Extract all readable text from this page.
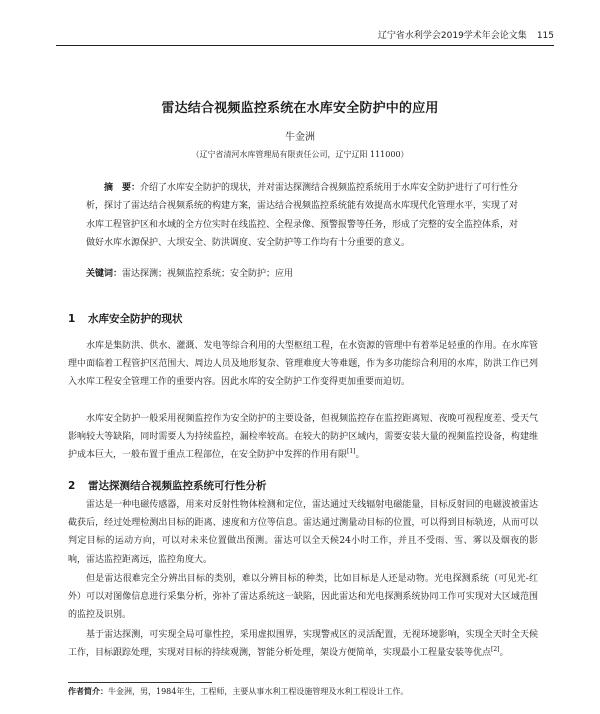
辽宁省水利学会2019学术年会论文集 115
雷达结合视频监控系统在水库安全防护中的应用
牛金洲
（辽宁省清河水库管理局有限责任公司，辽宁辽阳 111000）

摘　要：介绍了水库安全防护的现状，并对雷达探测结合视频监控系统用于水库安全防护进行了可行性分析，探讨了雷达结合视频系统的构建方案，雷达结合视频监控系统能有效提高水库现代化管理水平，实现了对水库工程管护区和水域的全方位实时在线监控、全程录像、预警报警等任务，形成了完整的安全监控体系，对做好水库水源保护、大坝安全、防洪调度、安全防护等工作均有十分重要的意义。

关键词：雷达探测；视频监控系统；安全防护；应用

1 水库安全防护的现状

水库是集防洪、供水、灌溉、发电等综合利用的大型枢纽工程，在水资源的管理中有着举足轻重的作用。在水库管理中面临着工程管护区范围大、周边人员及地形复杂、管理难度大等难题，作为多功能综合利用的水库，防洪工作已列入水库工程安全管理工作的重要内容。因此水库的安全防护工作变得更加重要而迫切。

水库安全防护一般采用视频监控作为安全防护的主要设备，但视频监控存在监控距离短、夜晚可视程度差、受天气影响较大等缺陷，同时需要人为持续监控，漏检率较高。在较大的防护区域内，需要安装大量的视频监控设备，构建维护成本巨大，一般布置于重点工程部位，在安全防护中发挥的作用有限[1]。

2 雷达探测结合视频监控系统可行性分析

雷达是一种电磁传感器，用来对反射性物体检测和定位，雷达通过天线辐射电磁能量，目标反射回的电磁波被雷达截获后，经过处理检测出目标的距离、速度和方位等信息。雷达通过测量动目标的位置，可以得到目标轨迹，从而可以判定目标的运动方向，可以对未来位置做出预测。雷达可以全天候24小时工作，并且不受雨、雪、雾以及烟夜的影响，雷达监控距离远，监控角度大。

但是雷达很难完全分辨出目标的类别，难以分辨目标的种类，比如目标是人还是动物。光电探测系统（可见光-红外）可以对图像信息进行采集分析，弥补了雷达系统这一缺陷，因此雷达和光电探测系统协同工作可实现对大区域范围的监控及识别。

基于雷达探测，可实现全局可靠性控，采用虚拟围界，实现警戒区的灵活配置，无视环境影响，实现全天时全天候工作，目标跟踪处理，实现对目标的持续观测，智能分析处理，架设方便简单，实现最小工程量安装等优点[2]。

作者简介：牛金洲，男，1984年生，工程师，主要从事水利工程设施管理及水利工程设计工作。
